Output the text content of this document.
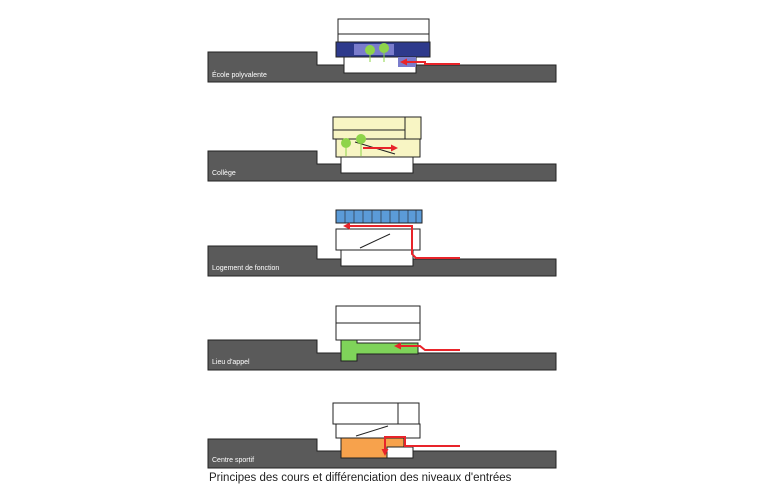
École polyvalente
Collège
Logement de fonction
Lieu d'appel
Centre sportif
Principes des cours et différenciation des niveaux d'entrées
